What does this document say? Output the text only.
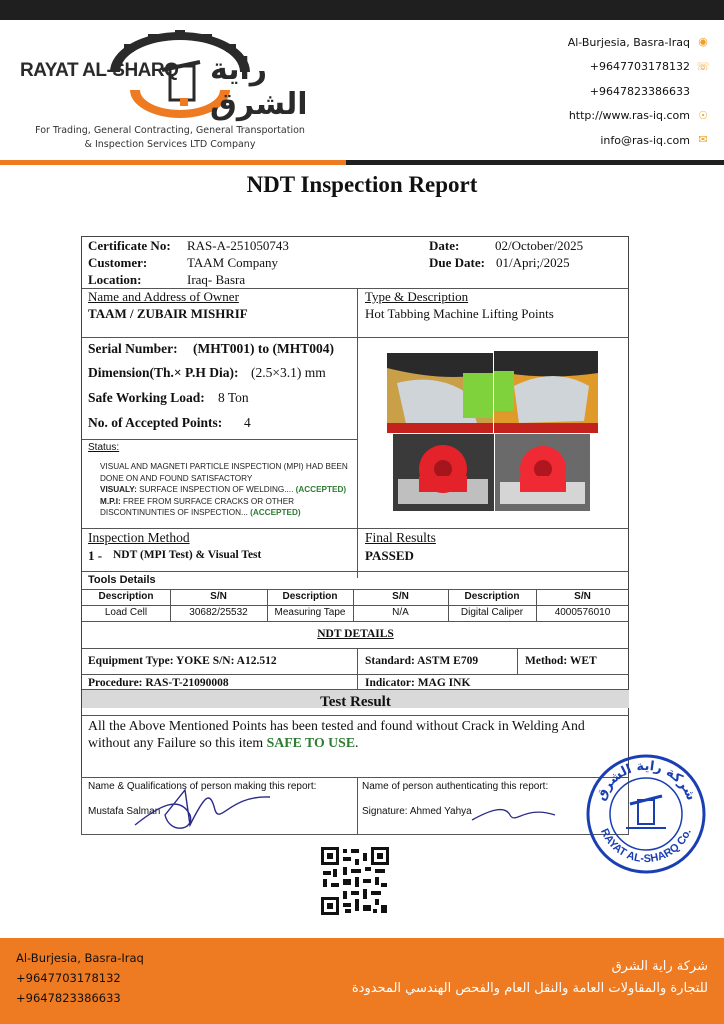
RAYAT AL-SHARQ راية الشرق
For Trading, General Contracting, General Transportation
& Inspection Services LTD Company
Al-Burjesia, Basra-Iraq ◉
+9647703178132 ☏
+9647823386633
http://www.ras-iq.com ☉
info@ras-iq.com ✉
NDT Inspection Report
Certificate No: RAS-A-251050743
Customer:	TAAM Company
Location:	Iraq- Basra
Date:	02/October/2025
Due Date: 01/Apri;/2025
Name and Address of Owner
TAAM / ZUBAIR MISHRIF
Type & Description
Hot Tabbing Machine Lifting Points
Serial Number: (MHT001) to (MHT004)
Dimension(Th.× P.H Dia): (2.5×3.1) mm
Safe Working Load: 8 Ton
No. of Accepted Points: 4
Status:
VISUAL AND MAGNETI PARTICLE INSPECTION (MPI) HAD BEEN
DONE ON AND FOUND SATISFACTORY
VISUALY: SURFACE INSPECTION OF WELDING.... (ACCEPTED)
M.P.I: FREE FROM SURFACE CRACKS OR OTHER
DISCONTINUNTIES OF INSPECTION... (ACCEPTED)
Inspection Method
1 - NDT (MPI Test) & Visual Test
Final Results
PASSED
Tools Details
Description	S/N	Description	S/N	Description	S/N
Load Cell	30682/25532	Measuring Tape	N/A	Digital Caliper	4000576010
NDT DETAILS
Equipment Type: YOKE S/N: A12.512	Standard: ASTM E709	Method: WET
Procedure: RAS-T-21090008	Indicator: MAG INK
Test Result
All the Above Mentioned Points has been tested and found without Crack in Welding And
without any Failure so this item SAFE TO USE.
Name & Qualifications of person making this report:
Mustafa Salman
Name of person authenticating this report:
Signature: Ahmed Yahya
شركة راية الشرق
RAYAT AL-SHARQ Co.
Al-Burjesia, Basra-Iraq
+9647703178132
+9647823386633
شركة راية الشرق
للتجارة والمقاولات العامة والنقل العام والفحص الهندسي المحدودة
